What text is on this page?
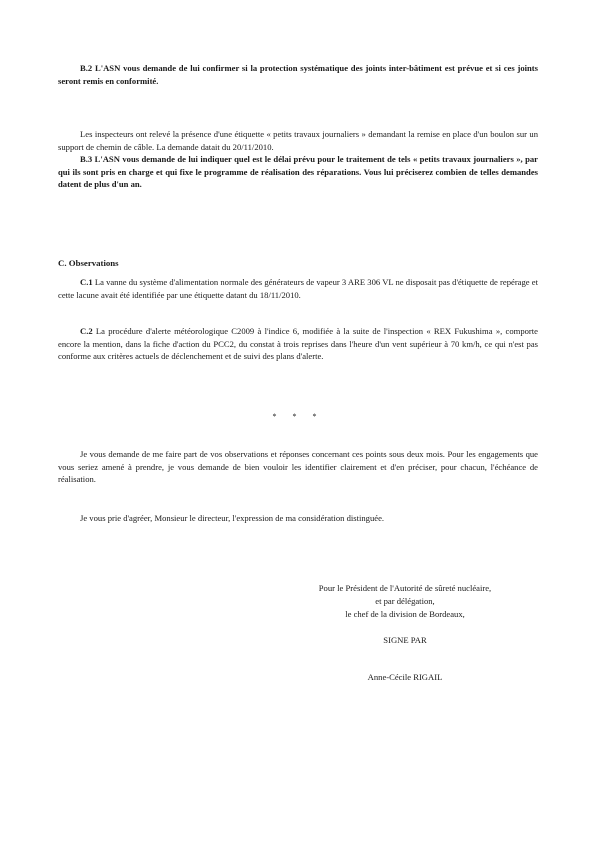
B.2 L'ASN vous demande de lui confirmer si la protection systématique des joints inter-bâtiment est prévue et si ces joints seront remis en conformité.

Les inspecteurs ont relevé la présence d'une étiquette « petits travaux journaliers » demandant la remise en place d'un boulon sur un support de chemin de câble. La demande datait du 20/11/2010.

B.3 L'ASN vous demande de lui indiquer quel est le délai prévu pour le traitement de tels « petits travaux journaliers », par qui ils sont pris en charge et qui fixe le programme de réalisation des réparations. Vous lui préciserez combien de telles demandes datent de plus d'un an.

C. Observations

C.1 La vanne du système d'alimentation normale des générateurs de vapeur 3 ARE 306 VL ne disposait pas d'étiquette de repérage et cette lacune avait été identifiée par une étiquette datant du 18/11/2010.

C.2 La procédure d'alerte météorologique C2009 à l'indice 6, modifiée à la suite de l'inspection « REX Fukushima », comporte encore la mention, dans la fiche d'action du PCC2, du constat à trois reprises dans l'heure d'un vent supérieur à 70 km/h, ce qui n'est pas conforme aux critères actuels de déclenchement et de suivi des plans d'alerte.

* * *

Je vous demande de me faire part de vos observations et réponses concernant ces points sous deux mois. Pour les engagements que vous seriez amené à prendre, je vous demande de bien vouloir les identifier clairement et d'en préciser, pour chacun, l'échéance de réalisation.

Je vous prie d'agréer, Monsieur le directeur, l'expression de ma considération distinguée.

Pour le Président de l'Autorité de sûreté nucléaire,
et par délégation,
le chef de la division de Bordeaux,
SIGNE PAR
Anne-Cécile RIGAIL
